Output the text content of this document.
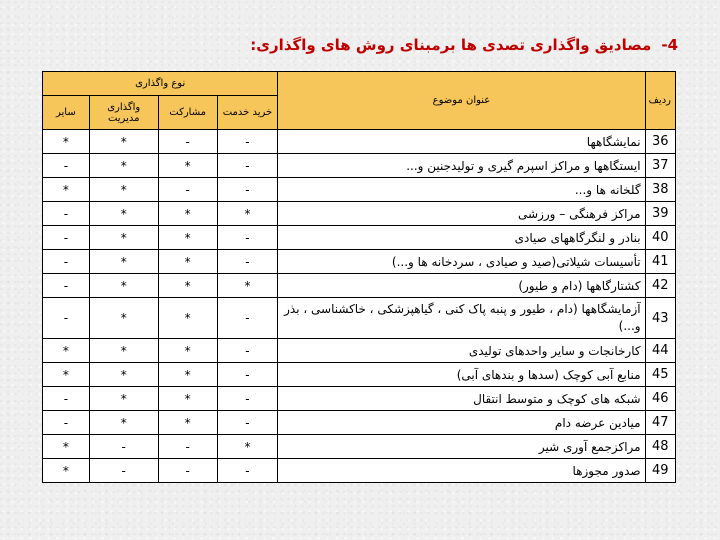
4-مصادیق واگذاری تصدی ها برمبنای روش های واگذاری:
ردیف	عنوان موضوع	نوع واگذاری			
		خرید خدمت	مشارکت	واگذاری مدیریت	سایر
36	نمایشگاهها	-	-	*	*
37	ایستگاهها و مراکز اسپرم گیری و تولیدجنین و...	-	*	*	-
38	گلخانه ها و...	-	-	*	*
39	مراکز فرهنگی – ورزشی	*	*	*	-
40	بنادر و لنگرگاههای صیادی	-	*	*	-
41	تأسیسات شیلاتی(صید و صیادی ، سردخانه ها و...)	-	*	*	-
42	کشتارگاهها (دام و طیور)	*	*	*	-
43	آزمایشگاهها (دام ، طیور و پنبه پاک کنی ، گیاهپزشکی ، خاکشناسی ، بذر و...)	-	*	*	-
44	کارخانجات و سایر واحدهای تولیدی	-	*	*	*
45	منابع آبی کوچک (سدها و بندهای آبی)	-	*	*	*
46	شبکه های کوچک و متوسط انتقال	-	*	*	-
47	میادین عرضه دام	-	*	*	-
48	مراکزجمع آوری شیر	*	-	-	*
49	صدور مجوزها	-	-	-	*
